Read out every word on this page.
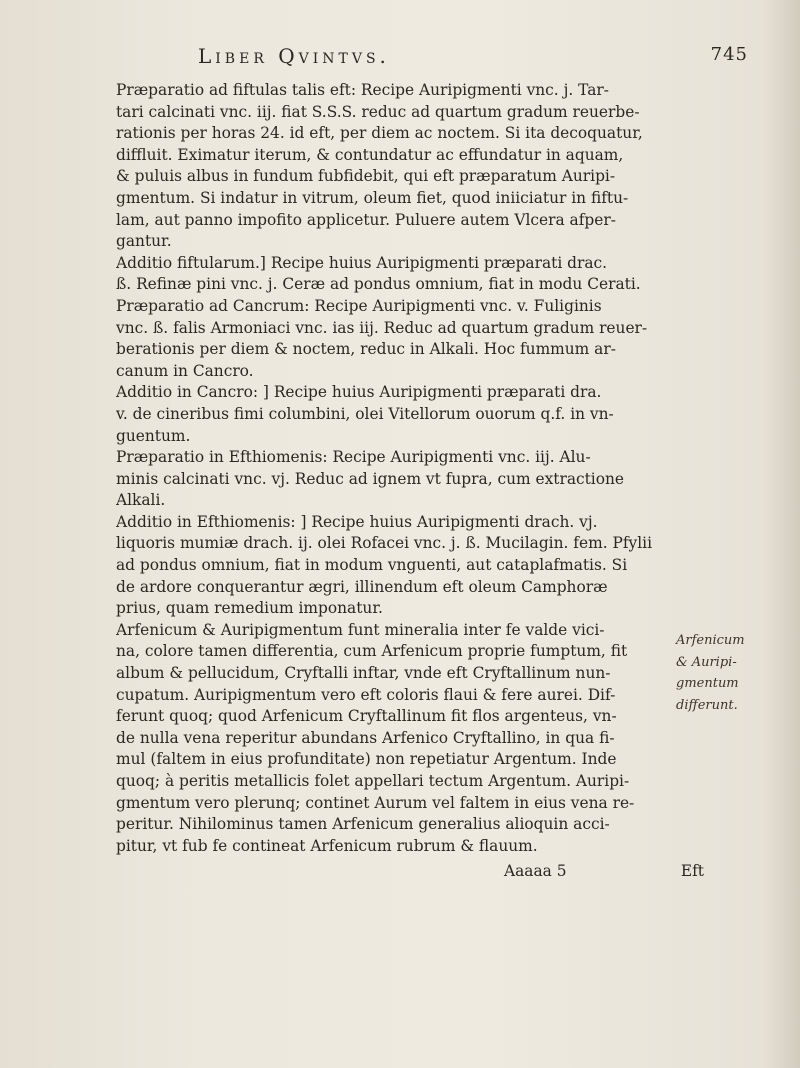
Liber Qvintvs.	745
Præparatio ad fiftulas talis eft: Recipe Auripigmenti vnc. j. Tar-
tari calcinati vnc. iij. fiat S.S.S. reduc ad quartum gradum reuerbe-
rationis per horas 24. id eft, per diem ac noctem. Si ita decoquatur,
diffluit. Eximatur iterum, & contundatur ac effundatur in aquam,
& puluis albus in fundum fubfidebit, qui eft præparatum Auripi-
gmentum. Si indatur in vitrum, oleum fiet, quod iniiciatur in fiftu-
lam, aut panno impofito applicetur. Puluere autem Vlcera afper-
gantur.
Additio fiftularum.] Recipe huius Auripigmenti præparati drac.
ß. Refinæ pini vnc. j. Ceræ ad pondus omnium, fiat in modu Cerati.
Præparatio ad Cancrum: Recipe Auripigmenti vnc. v. Fuliginis
vnc. ß. falis Armoniaci vnc. ias iij. Reduc ad quartum gradum reuer-
berationis per diem & noctem, reduc in Alkali. Hoc fummum ar-
canum in Cancro.
Additio in Cancro: ] Recipe huius Auripigmenti præparati dra.
v. de cineribus fimi columbini, olei Vitellorum ouorum q.f. in vn-
guentum.
Præparatio in Efthiomenis: Recipe Auripigmenti vnc. iij. Alu-
minis calcinati vnc. vj. Reduc ad ignem vt fupra, cum extractione
Alkali.
Additio in Efthiomenis: ] Recipe huius Auripigmenti drach. vj.
liquoris mumiæ drach. ij. olei Rofacei vnc. j. ß. Mucilagin. fem. Pfylii
ad pondus omnium, fiat in modum vnguenti, aut cataplafmatis. Si
de ardore conquerantur ægri, illinendum eft oleum Camphoræ
prius, quam remedium imponatur.
Arfenicum & Auripigmentum funt mineralia inter fe valde vici-
na, colore tamen differentia, cum Arfenicum proprie fumptum, fit
album & pellucidum, Cryftalli inftar, vnde eft Cryftallinum nun-
cupatum. Auripigmentum vero eft coloris flaui & fere aurei. Dif-
ferunt quoq; quod Arfenicum Cryftallinum fit flos argenteus, vn-
de nulla vena reperitur abundans Arfenico Cryftallino, in qua fi-
mul (faltem in eius profunditate) non repetiatur Argentum. Inde
quoq; à peritis metallicis folet appellari tectum Argentum. Auripi-
gmentum vero plerunq; continet Aurum vel faltem in eius vena re-
peritur. Nihilominus tamen Arfenicum generalius alioquin acci-
pitur, vt fub fe contineat Arfenicum rubrum & flauum.
Aaaaa 5	Eft
Arfenicum
& Auripi-
gmentum
differunt.
